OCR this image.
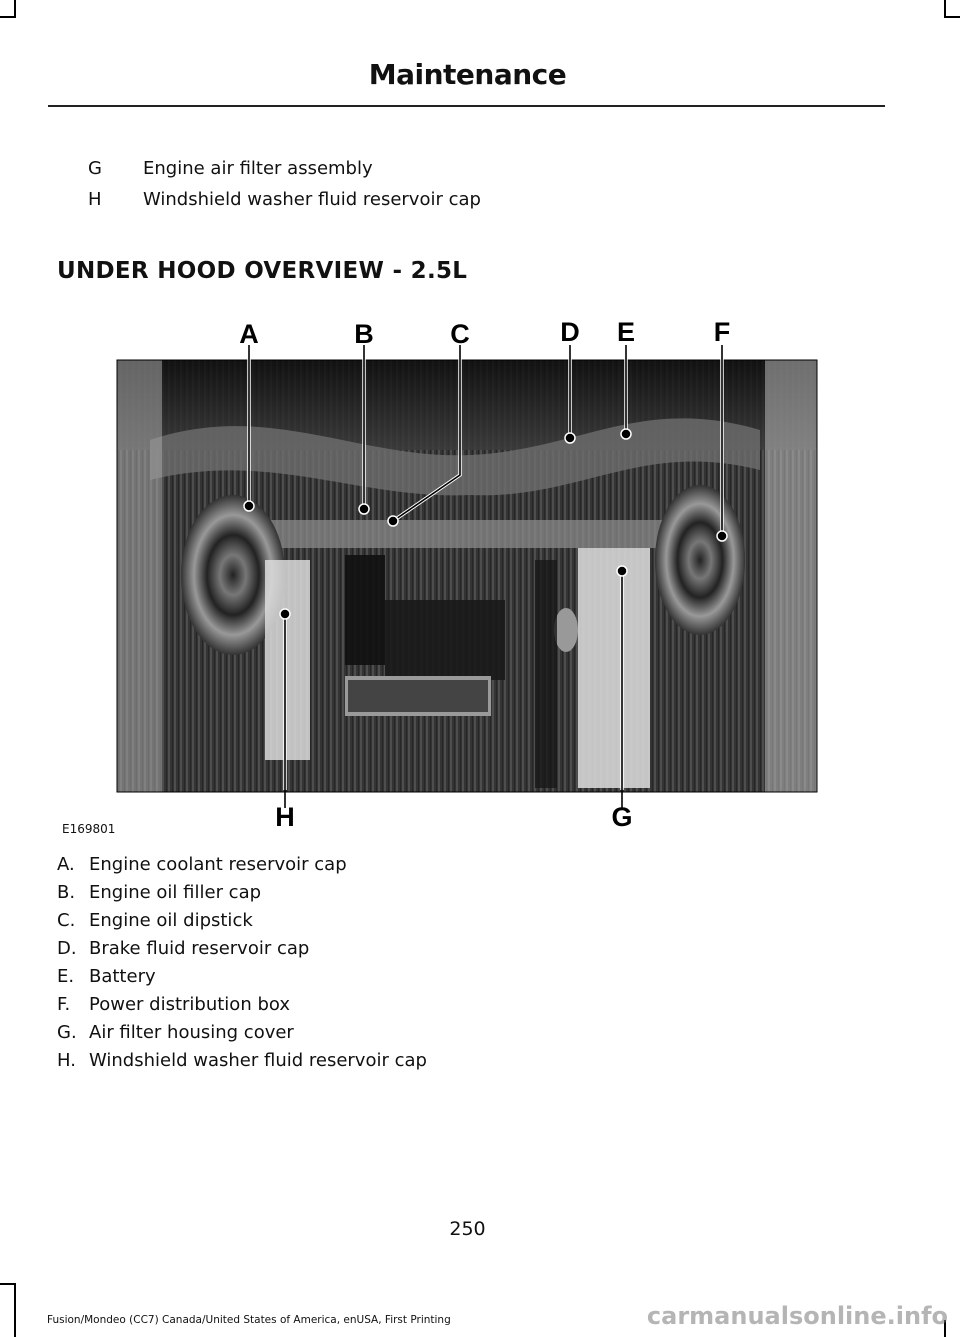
Maintenance
G Engine air filter assembly
H Windshield washer fluid reservoir cap
UNDER HOOD OVERVIEW - 2.5L
A	B	C	D E	F
H	G
E169801
A. Engine coolant reservoir cap
B. Engine oil filler cap
C. Engine oil dipstick
D. Brake fluid reservoir cap
E. Battery
F. Power distribution box
G. Air filter housing cover
H. Windshield washer fluid reservoir cap
250
Fusion/Mondeo (CC7) Canada/United States of America, enUSA, First Printing	carmanualsonline.info
